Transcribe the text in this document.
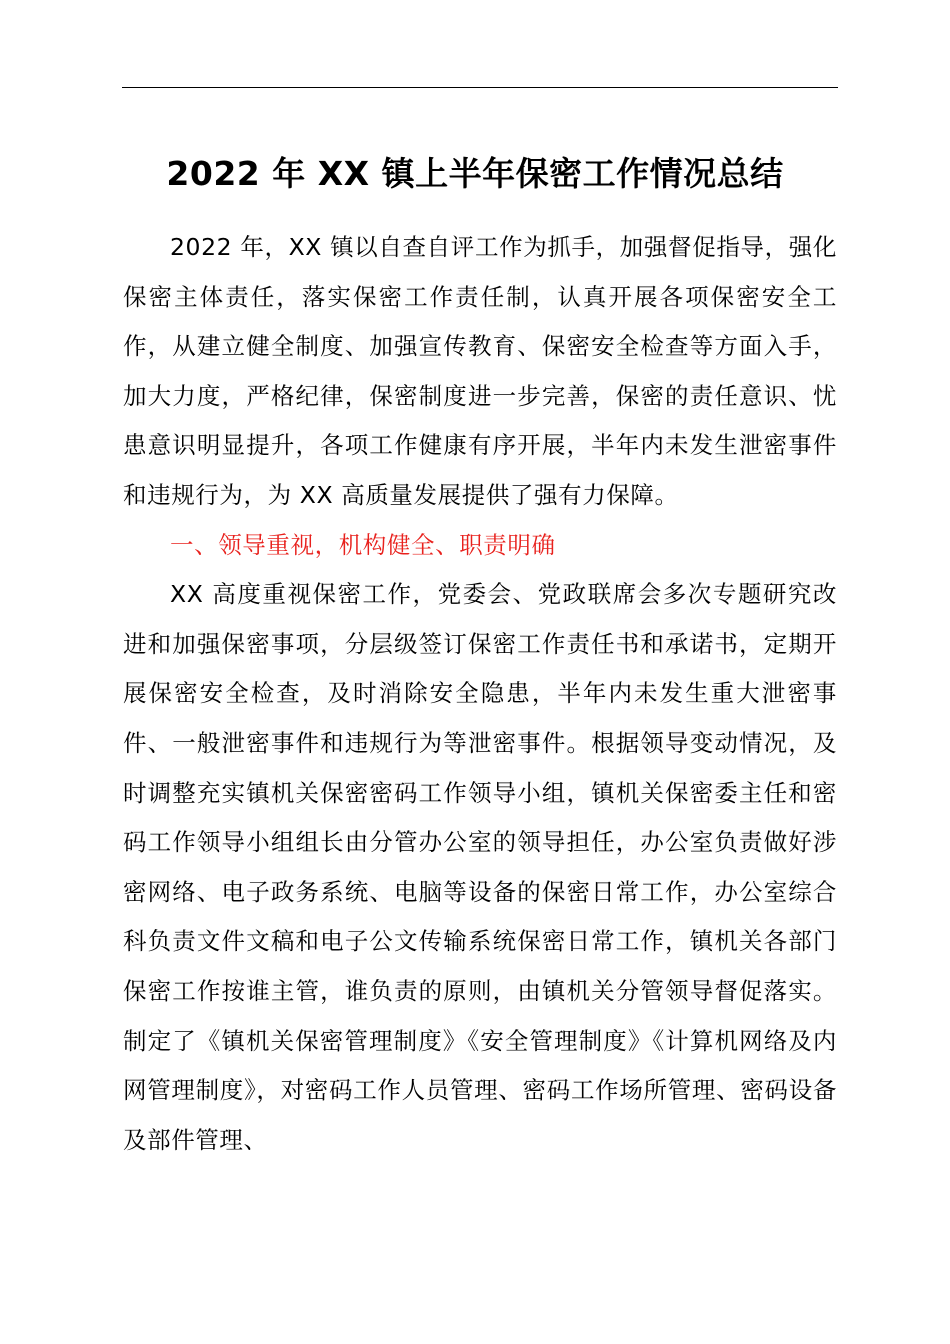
2022 年 XX 镇上半年保密工作情况总结

2022 年，XX 镇以自查自评工作为抓手，加强督促指导，强化保密主体责任，落实保密工作责任制，认真开展各项保密安全工作，从建立健全制度、加强宣传教育、保密安全检查等方面入手，加大力度，严格纪律，保密制度进一步完善，保密的责任意识、忧患意识明显提升，各项工作健康有序开展，半年内未发生泄密事件和违规行为，为 XX 高质量发展提供了强有力保障。

一、领导重视，机构健全、职责明确

XX 高度重视保密工作，党委会、党政联席会多次专题研究改进和加强保密事项，分层级签订保密工作责任书和承诺书，定期开展保密安全检查，及时消除安全隐患，半年内未发生重大泄密事件、一般泄密事件和违规行为等泄密事件。根据领导变动情况，及时调整充实镇机关保密密码工作领导小组，镇机关保密委主任和密码工作领导小组组长由分管办公室的领导担任，办公室负责做好涉密网络、电子政务系统、电脑等设备的保密日常工作，办公室综合科负责文件文稿和电子公文传输系统保密日常工作，镇机关各部门保密工作按谁主管，谁负责的原则，由镇机关分管领导督促落实。制定了《镇机关保密管理制度》《安全管理制度》《计算机网络及内网管理制度》，对密码工作人员管理、密码工作场所管理、密码设备及部件管理、
